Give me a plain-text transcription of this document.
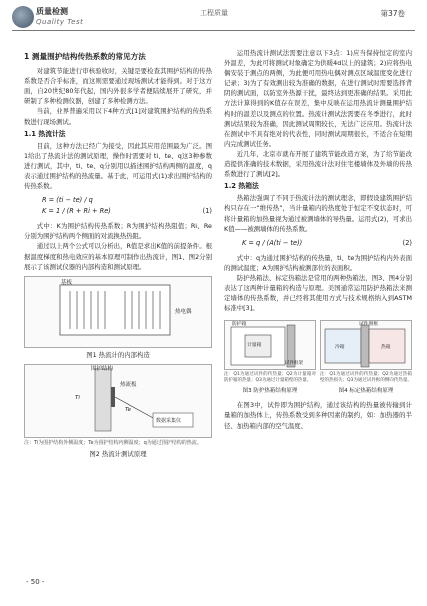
质量检测
Quality Test
工程质量	第37卷
1 测量围护结构传热系数的常见方法

对建筑节能进行审核验收时，关键是要检查其围护结构的传热系数是否合乎标准，而这则需要通过现场测试才能得到。对于这方面，自20世纪80年代起，国内外很多学者便陆续展开了研究，并研制了多种检测仪器，创建了多种检测方法。

当前，业界普遍采用以下4种方式[1]对建筑围护结构的传热系数进行现场测试。

1.1 热流计法

目前，这种方法已经广为接受，因此其应用范围最为广泛。图1给出了热流计法的测试原理，操作时需要对 ti、te、q这3种参数进行测试，其中，ti、te、q分别用以描述围护结构两侧的温度，q表示通过围护结构的热流量。基于此，可运用式(1)求出围护结构的传热系数。

R = (ti − te) / q
K = 1 / (R + Ri + Re)	(1)

式中：K为围护结构传热系数；R为围护结构热阻值；Ri、Re分别为围护结构两个侧面的对流换热热阻。

通过以上两个公式可以分析出，R值是求出K值的前提条件。根据温度梯度和热电效应的基本原理可制作出热流计，图1、图2分别展示了该测试仪器的内部构造和测试原理。

基板
热电偶
图1 热流计的内部构造
围护结构
热流板
数据采集仪
Ti
Te
注：Ti为围护结构外侧温度；Te为围护结构内侧温度；q为通过围护结构的热流。
图2 热流计测试原理

运用热流计测试法需要注意以下3点：1)应当保持恒定的室内外温差，为此可将测试对象确定为供暖4d以上的建筑；2)应将热电偶安装于测点的两侧，为此便可用热电偶对测点区域温度变化进行记录；3)为了有效测出较为准确的数据，在进行测试时需要选择背阴的测试面，以防室外热源干扰，最终达到更准确的结果。采用此方法计算得到的K值存在误差，集中反映在运用热流计测量围护结构时的温差以及测点的位置。热流计测试法需要在冬季进行，此时测试结果较为准确，因此测试周期较长，无法广泛应用。热流计法在测试中不具有绝对的代表性，同时测试周期很长，不适合在短期内完成测试任务。

近几年，北京市就布开展了建筑节能改造方案，为了给节能改造提供准确的技术数据，采用热流计法对住宅楼墙体及外墙的传热系数进行了测试[2]。

1.2 热箱法

热箱法强调了不同于热流计法的测试理念，即假设建筑围护结构只存在一“维传热”，当计量箱内的热度处于恒定不变状态时，可将计量箱的加热量视为通过被测墙体的导热量。运用式(2)，可求出K值——被测墙体的传热系数。

K = q / (A(ti − te))	(2)

式中：q为通过围护结构的传热量，ti、te为围护结构内外表面的测试温度；A为围护结构被测部位的表面积。

防护热箱法、标定热箱法是常用的两种热箱法，图3、图4分别表达了这两种计量箱的构造与原理。美国通常运用防护热箱法来测定墙体的传热系数，并已经将其使用方式与技术规格纳入到ASTM标准中[3]。

防护箱
计量箱
试件框架
注：Q1为通过试件的传热量；Q2为计量箱对防护箱的热量；Q3为通过计量箱壁的热量。
图3 防护热箱结构原理
试件围框
冷箱	热箱
注：Q1为通过试件的传热量；Q2为通过热箱壁的热损失；Q3为通过试件框的侧向传热量。
图4 标定热箱结构原理

在图3中，试件即为围护结构，通过该结构的热量被传输到计量箱的加热体上，传热系数受到多种因素的制约，如：加热器的半径、加热箱内部的空气温度、

- 50 -
